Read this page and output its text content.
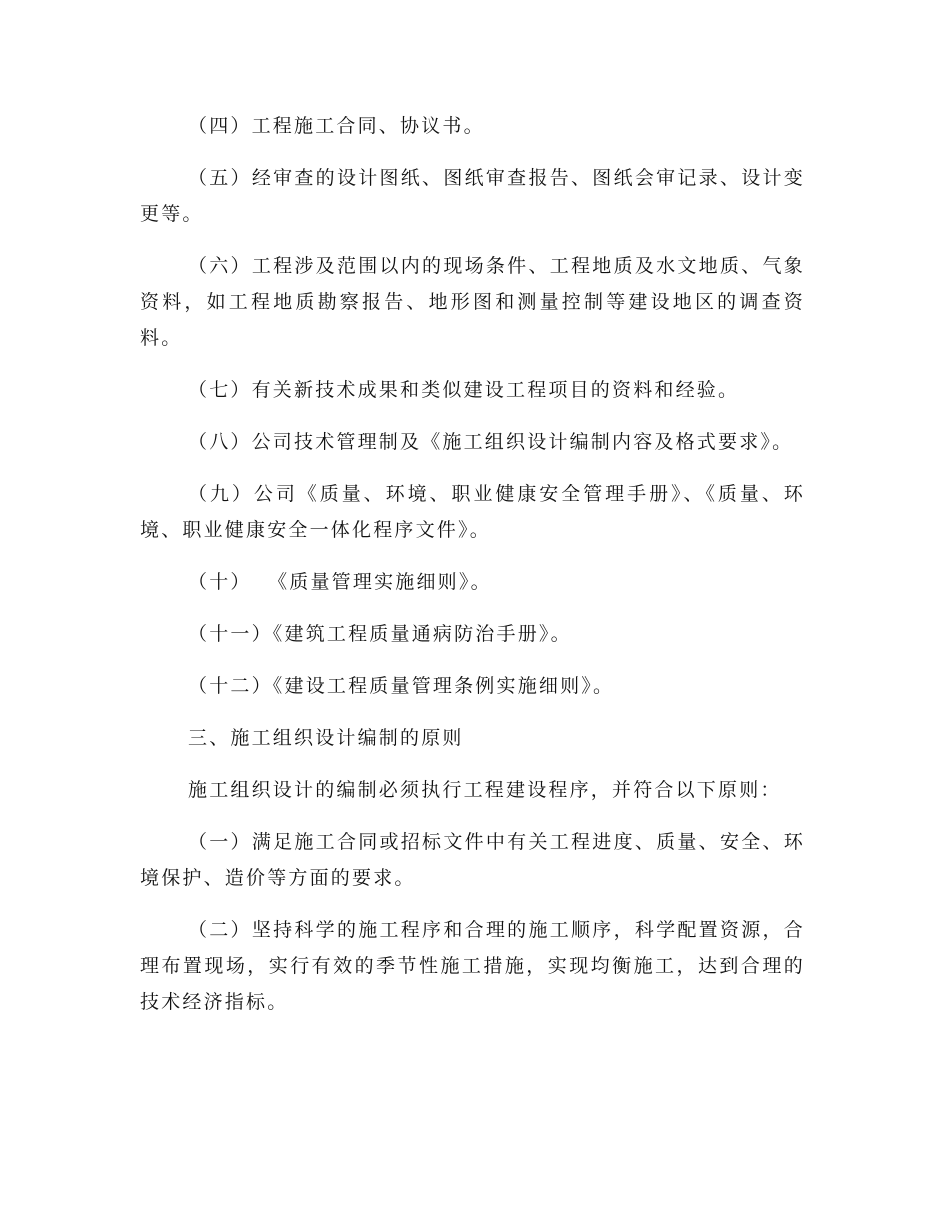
（四）工程施工合同、协议书。

（五）经审查的设计图纸、图纸审查报告、图纸会审记录、设计变更等。

（六）工程涉及范围以内的现场条件、工程地质及水文地质、气象资料，如工程地质勘察报告、地形图和测量控制等建设地区的调查资料。

（七）有关新技术成果和类似建设工程项目的资料和经验。

（八）公司技术管理制及《施工组织设计编制内容及格式要求》。

（九）公司《质量、环境、职业健康安全管理手册》、《质量、环境、职业健康安全一体化程序文件》。

（十）  《质量管理实施细则》。

（十一）《建筑工程质量通病防治手册》。

（十二）《建设工程质量管理条例实施细则》。

三、施工组织设计编制的原则

施工组织设计的编制必须执行工程建设程序，并符合以下原则：

（一）满足施工合同或招标文件中有关工程进度、质量、安全、环境保护、造价等方面的要求。

（二）坚持科学的施工程序和合理的施工顺序，科学配置资源，合理布置现场，实行有效的季节性施工措施，实现均衡施工，达到合理的技术经济指标。
